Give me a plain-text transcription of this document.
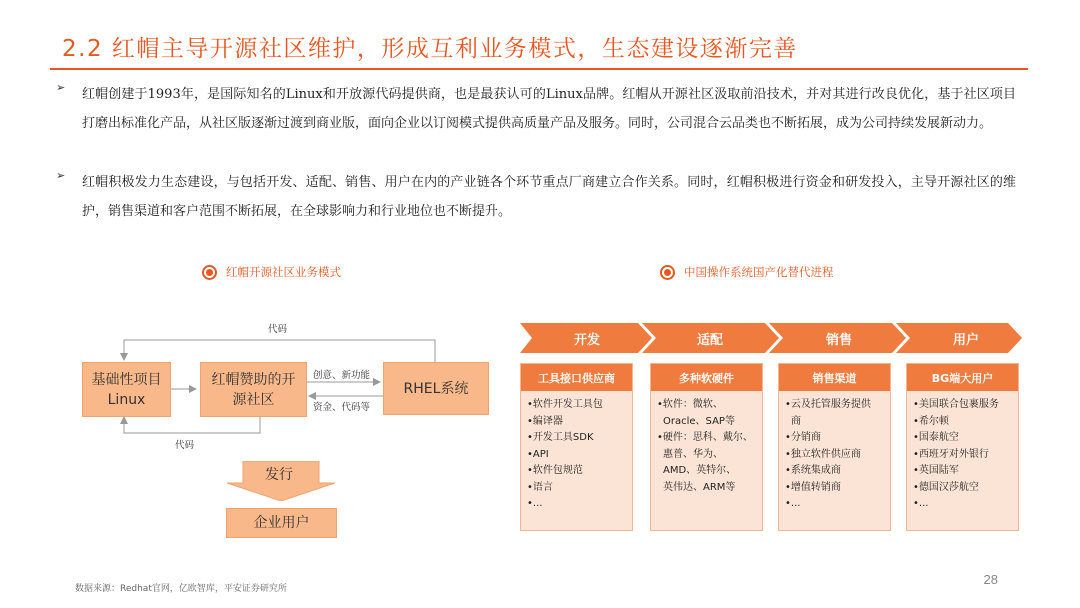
2.2 红帽主导开源社区维护，形成互利业务模式，生态建设逐渐完善
➢ 红帽创建于1993年，是国际知名的Linux和开放源代码提供商，也是最获认可的Linux品牌。红帽从开源社区汲取前沿技术，并对其进行改良优化，基于社区项目打磨出标准化产品，从社区版逐渐过渡到商业版，面向企业以订阅模式提供高质量产品及服务。同时，公司混合云品类也不断拓展，成为公司持续发展新动力。

➢ 红帽积极发力生态建设，与包括开发、适配、销售、用户在内的产业链各个环节重点厂商建立合作关系。同时，红帽积极进行资金和研发投入，主导开源社区的维护，销售渠道和客户范围不断拓展，在全球影响力和行业地位也不断提升。

红帽开源社区业务模式
基础性项目Linux
红帽赞助的开源社区
RHEL系统
代码
代码
创意、新功能
资金、代码等
发行
企业用户
中国操作系统国产化替代进程
开发	适配	销售	用户
工具接口供应商
•软件开发工具包
•编译器
•开发工具SDK
•API
•软件包规范
•语言
•...
多种软硬件
•软件：微软、
Oracle、SAP等
•硬件：思科、戴尔、
惠普、华为、
AMD、英特尔、
英伟达、ARM等
销售渠道
•云及托管服务提供
商
•分销商
•独立软件供应商
•系统集成商
•增值转销商
•...
BG端大用户
•美国联合包裹服务
•希尔顿
•国泰航空
•西班牙对外银行
•英国陆军
•德国汉莎航空
•...
数据来源：Redhat官网，亿欧智库，平安证券研究所
28
